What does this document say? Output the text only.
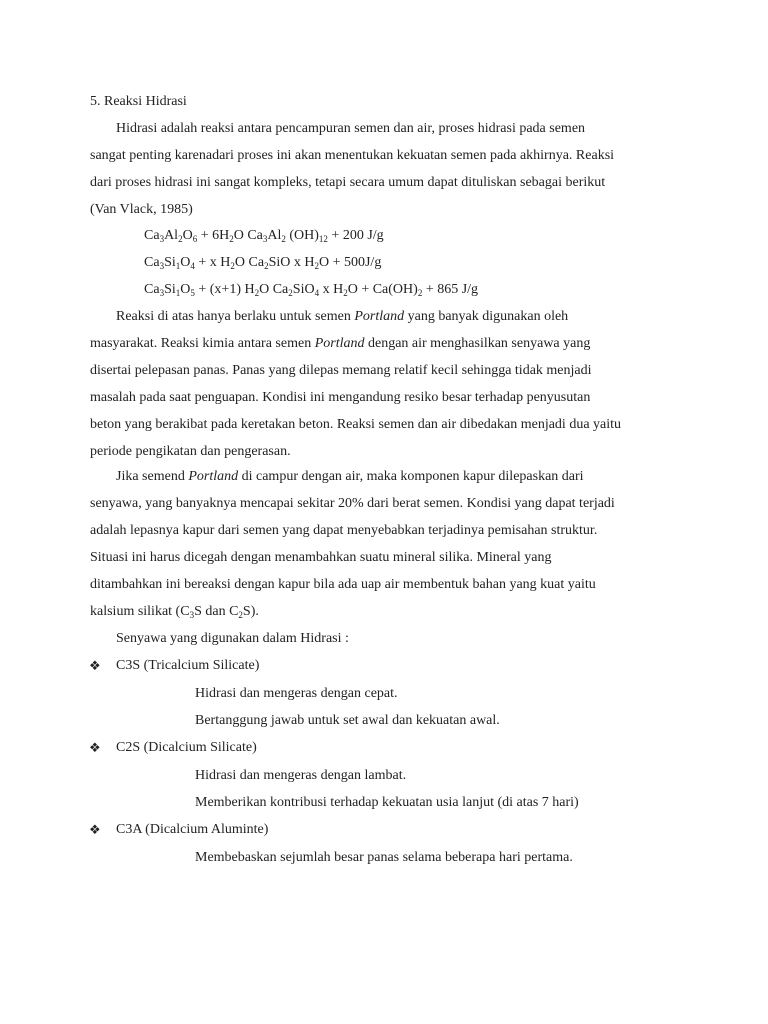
5. Reaksi Hidrasi
Hidrasi adalah reaksi antara pencampuran semen dan air, proses hidrasi pada semen
sangat penting karenadari proses ini akan menentukan kekuatan semen pada akhirnya. Reaksi
dari proses hidrasi ini sangat kompleks, tetapi secara umum dapat dituliskan sebagai berikut
(Van Vlack, 1985)
$Ca_3Al_2O_6 + 6H_2O$ $Ca_3Al_2$ $(OH)_{12} + 200$ J/g
$Ca_3Si_1O_4 + x$ $H_2O$ $Ca_2SiO$ x $H_2O + 500J/g$
$Ca_3Si_1O_5 + (x+1)$ $H_2O$ $Ca_2SiO_4$ x $H_2O + Ca(OH)_2 + 865$ J/g
Reaksi di atas hanya berlaku untuk semen Portland yang banyak digunakan oleh
masyarakat. Reaksi kimia antara semen Portland dengan air menghasilkan senyawa yang
disertai pelepasan panas. Panas yang dilepas memang relatif kecil sehingga tidak menjadi
masalah pada saat penguapan. Kondisi ini mengandung resiko besar terhadap penyusutan
beton yang berakibat pada keretakan beton. Reaksi semen dan air dibedakan menjadi dua yaitu
periode pengikatan dan pengerasan.
Jika semend Portland di campur dengan air, maka komponen kapur dilepaskan dari
senyawa, yang banyaknya mencapai sekitar 20% dari berat semen. Kondisi yang dapat terjadi
adalah lepasnya kapur dari semen yang dapat menyebabkan terjadinya pemisahan struktur.
Situasi ini harus dicegah dengan menambahkan suatu mineral silika. Mineral yang
ditambahkan ini bereaksi dengan kapur bila ada uap air membentuk bahan yang kuat yaitu
kalsium silikat ($C_3S$ dan $C_2S$).
Senyawa yang digunakan dalam Hidrasi :
❖ C3S (Tricalcium Silicate)
Hidrasi dan mengeras dengan cepat.
Bertanggung jawab untuk set awal dan kekuatan awal.
❖ C2S (Dicalcium Silicate)
Hidrasi dan mengeras dengan lambat.
Memberikan kontribusi terhadap kekuatan usia lanjut (di atas 7 hari)
❖ C3A (Dicalcium Aluminte)
Membebaskan sejumlah besar panas selama beberapa hari pertama.
